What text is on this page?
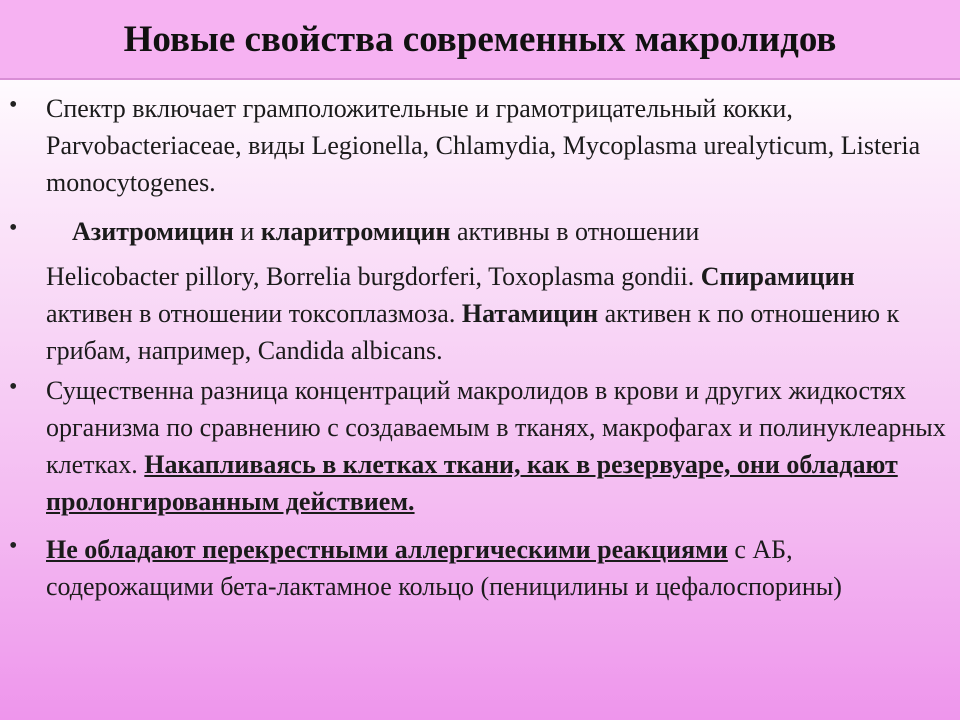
Новые свойства современных макролидов
• Спектр включает грамположительные и грамотрицательный кокки, Parvobacteriaceae, виды Legionella, Chlamydia, Mycoplasma urealyticum, Listeria monocytogenes.
•	Азитромицин и кларитромицин активны в отношении
Helicobacter pillory, Borrelia burgdorferi, Toxoplasma gondii. Спирамицин активен в отношении токсоплазмоза. Натамицин активен к по отношению к грибам, например, Candida albicans.
• Существенна разница концентраций макролидов в крови и других жидкостях организма по сравнению с создаваемым в тканях, макрофагах и полинуклеарных клетках. Накапливаясь в клетках ткани, как в резервуаре, они обладают пролонгированным действием.
• Не обладают перекрестными аллергическими реакциями с АБ, содерожащими бета-лактамное кольцо (пеницилины и цефалоспорины)
